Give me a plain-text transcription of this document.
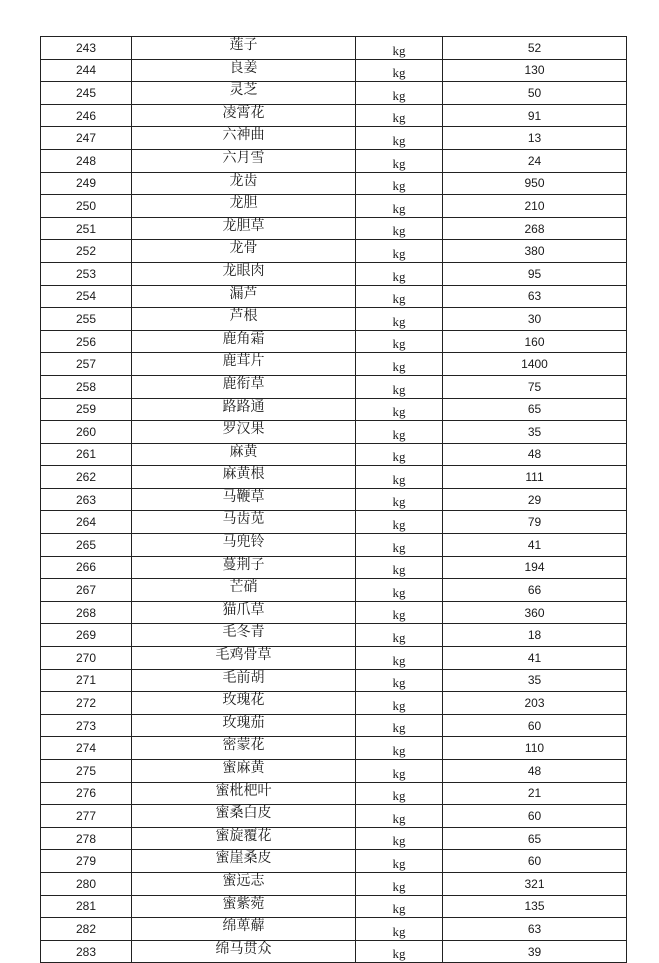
243	莲子	kg	52
244	良姜	kg	130
245	灵芝	kg	50
246	凌霄花	kg	91
247	六神曲	kg	13
248	六月雪	kg	24
249	龙齿	kg	950
250	龙胆	kg	210
251	龙胆草	kg	268
252	龙骨	kg	380
253	龙眼肉	kg	95
254	漏芦	kg	63
255	芦根	kg	30
256	鹿角霜	kg	160
257	鹿茸片	kg	1400
258	鹿衔草	kg	75
259	路路通	kg	65
260	罗汉果	kg	35
261	麻黄	kg	48
262	麻黄根	kg	111
263	马鞭草	kg	29
264	马齿苋	kg	79
265	马兜铃	kg	41
266	蔓荆子	kg	194
267	芒硝	kg	66
268	猫爪草	kg	360
269	毛冬青	kg	18
270	毛鸡骨草	kg	41
271	毛前胡	kg	35
272	玫瑰花	kg	203
273	玫瑰茄	kg	60
274	密蒙花	kg	110
275	蜜麻黄	kg	48
276	蜜枇杷叶	kg	21
277	蜜桑白皮	kg	60
278	蜜旋覆花	kg	65
279	蜜崖桑皮	kg	60
280	蜜远志	kg	321
281	蜜紫菀	kg	135
282	绵萆薢	kg	63
283	绵马贯众	kg	39
